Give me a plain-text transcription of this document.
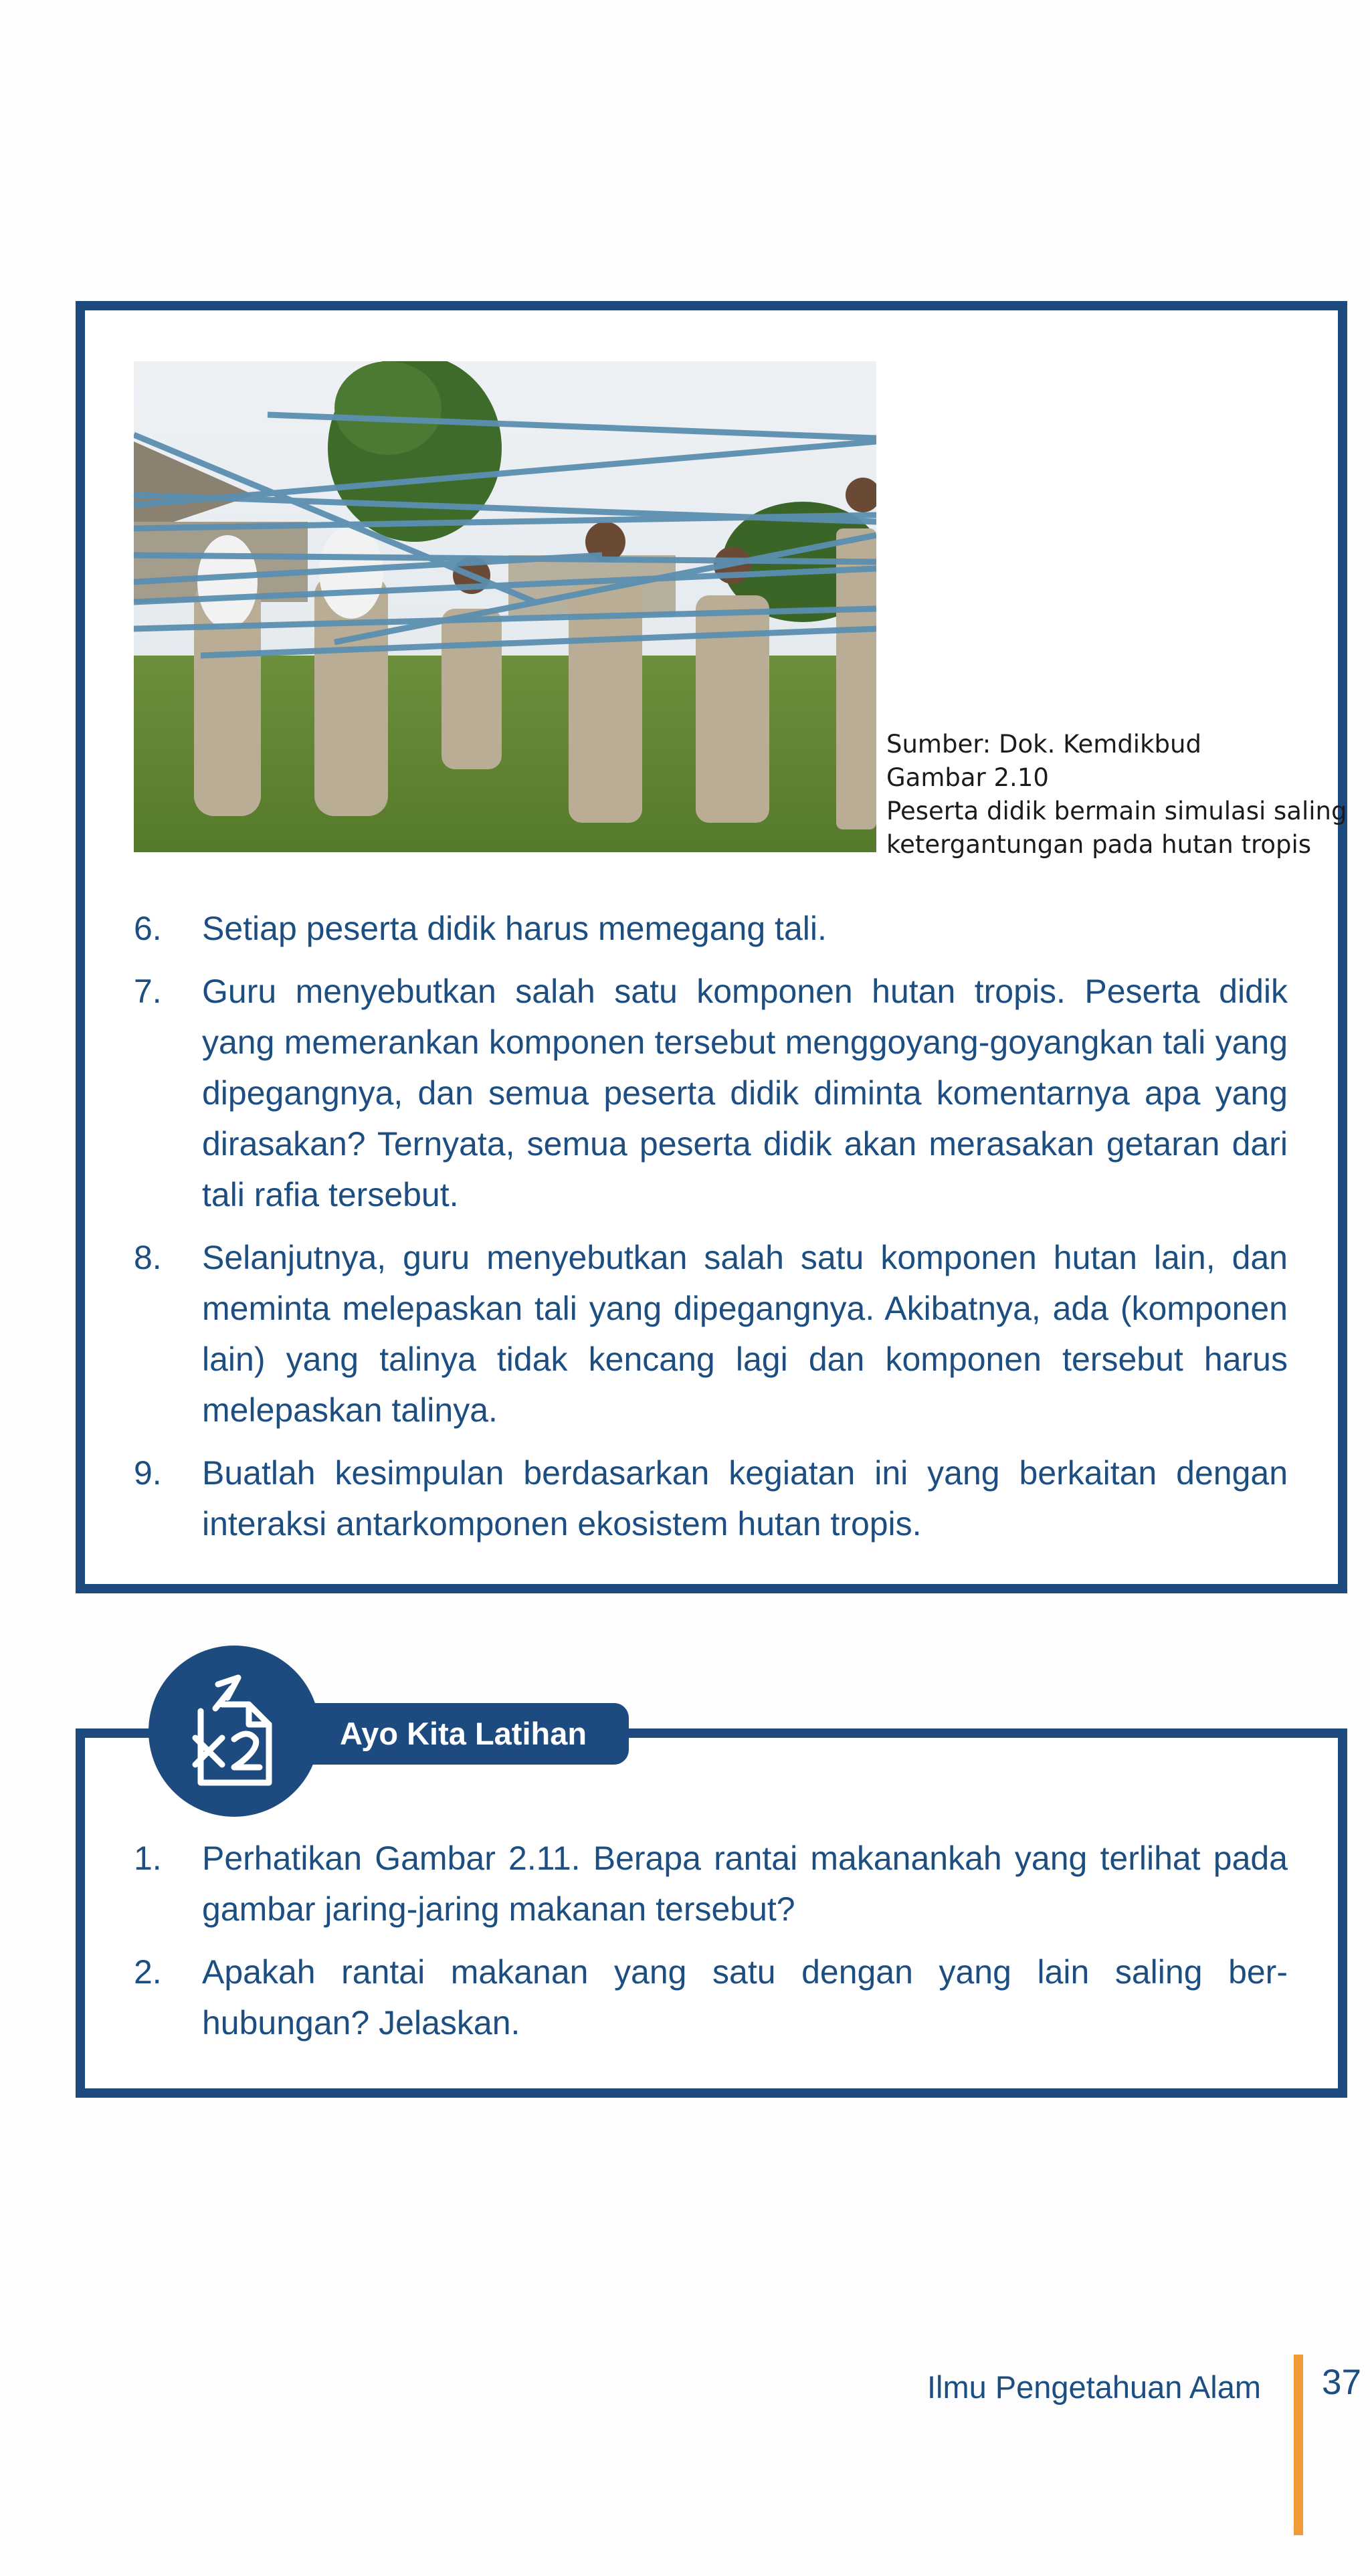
Sumber: Dok. Kemdikbud
Gambar 2.10
Peserta didik bermain simulasi saling
ketergantungan pada hutan tropis
6. Setiap peserta didik harus memegang tali.
7. Guru menyebutkan salah satu komponen hutan tropis. Peserta didik yang memerankan komponen tersebut menggoyang-goyangkan tali yang dipegangnya, dan semua peserta didik diminta komentarnya apa yang dirasakan? Ternyata, semua peserta didik akan merasakan getaran dari tali rafia tersebut.
8. Selanjutnya, guru menyebutkan salah satu komponen hutan lain, dan meminta melepaskan tali yang dipegangnya. Akibatnya, ada (komponen lain) yang talinya tidak kencang lagi dan komponen tersebut harus melepaskan talinya.
9. Buatlah kesimpulan berdasarkan kegiatan ini yang berkaitan dengan interaksi antarkomponen ekosistem hutan tropis.
Ayo Kita Latihan
1. Perhatikan Gambar 2.11. Berapa rantai makanankah yang terlihat pada gambar jaring-jaring makanan tersebut?
2. Apakah rantai makanan yang satu dengan yang lain saling berhubungan? Jelaskan.
Ilmu Pengetahuan Alam 37
